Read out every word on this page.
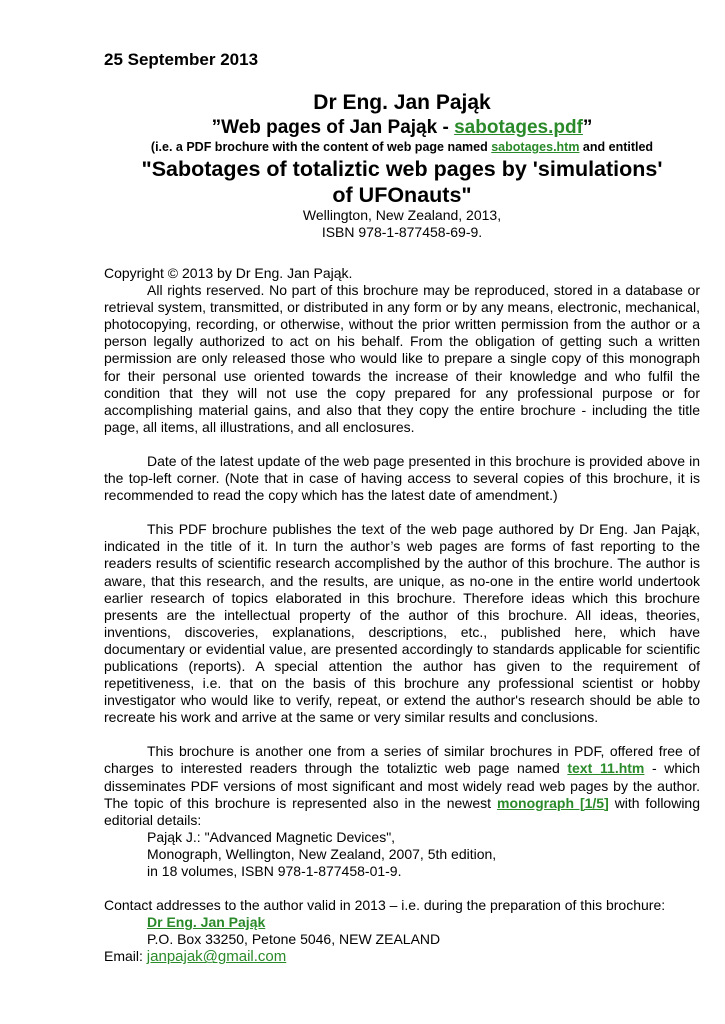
25 September 2013
Dr Eng. Jan Pająk
”Web pages of Jan Pająk - sabotages.pdf”
(i.e. a PDF brochure with the content of web page named sabotages.htm and entitled
"Sabotages of totaliztic web pages by 'simulations'
of UFOnauts"
Wellington, New Zealand, 2013,
ISBN 978-1-877458-69-9.

Copyright © 2013 by Dr Eng. Jan Pająk.

All rights reserved. No part of this brochure may be reproduced, stored in a database or retrieval system, transmitted, or distributed in any form or by any means, electronic, mechanical, photocopying, recording, or otherwise, without the prior written permission from the author or a person legally authorized to act on his behalf. From the obligation of getting such a written permission are only released those who would like to prepare a single copy of this monograph for their personal use oriented towards the increase of their knowledge and who fulfil the condition that they will not use the copy prepared for any professional purpose or for accomplishing material gains, and also that they copy the entire brochure - including the title page, all items, all illustrations, and all enclosures.

Date of the latest update of the web page presented in this brochure is provided above in the top-left corner. (Note that in case of having access to several copies of this brochure, it is recommended to read the copy which has the latest date of amendment.)

This PDF brochure publishes the text of the web page authored by Dr Eng. Jan Pająk, indicated in the title of it. In turn the author’s web pages are forms of fast reporting to the readers results of scientific research accomplished by the author of this brochure. The author is aware, that this research, and the results, are unique, as no-one in the entire world undertook earlier research of topics elaborated in this brochure. Therefore ideas which this brochure presents are the intellectual property of the author of this brochure. All ideas, theories, inventions, discoveries, explanations, descriptions, etc., published here, which have documentary or evidential value, are presented accordingly to standards applicable for scientific publications (reports). A special attention the author has given to the requirement of repetitiveness, i.e. that on the basis of this brochure any professional scientist or hobby investigator who would like to verify, repeat, or extend the author's research should be able to recreate his work and arrive at the same or very similar results and conclusions.

This brochure is another one from a series of similar brochures in PDF, offered free of charges to interested readers through the totaliztic web page named text_11.htm - which disseminates PDF versions of most significant and most widely read web pages by the author. The topic of this brochure is represented also in the newest monograph [1/5] with following editorial details:

Pająk J.: "Advanced Magnetic Devices",

Monograph, Wellington, New Zealand, 2007, 5th edition,

in 18 volumes, ISBN 978-1-877458-01-9.

Contact addresses to the author valid in 2013 – i.e. during the preparation of this brochure:

Dr Eng. Jan Pająk

P.O. Box 33250, Petone 5046, NEW ZEALAND

Email: janpajak@gmail.com
